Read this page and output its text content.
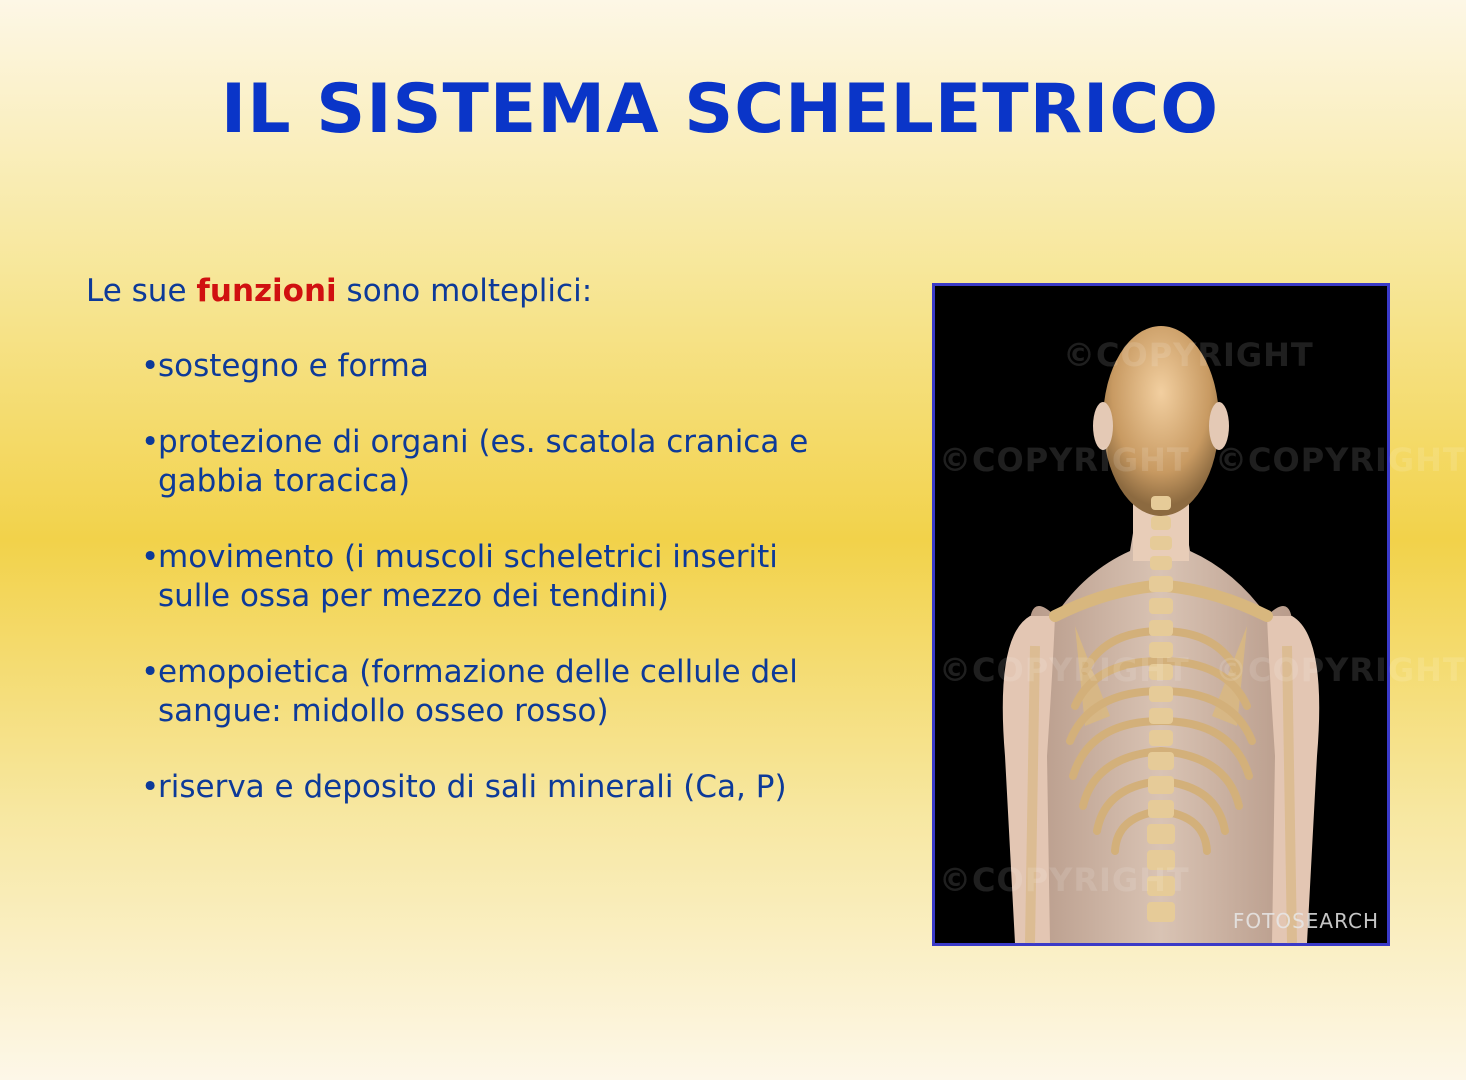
IL SISTEMA SCHELETRICO

Le sue funzioni sono molteplici:

•
sostegno e forma
•
protezione di organi (es. scatola cranica e
gabbia toracica)
•
movimento (i muscoli scheletrici inseriti
sulle ossa per mezzo dei tendini)
•
emopoietica (formazione delle cellule del
sangue: midollo osseo rosso)
•
riserva e deposito di sali minerali (Ca, P)
©COPYRIGHT
©COPYRIGHT ©COPYRIGHT
©COPYRIGHT ©COPYRIGHT
©COPYRIGHT
FOTOSEARCH
